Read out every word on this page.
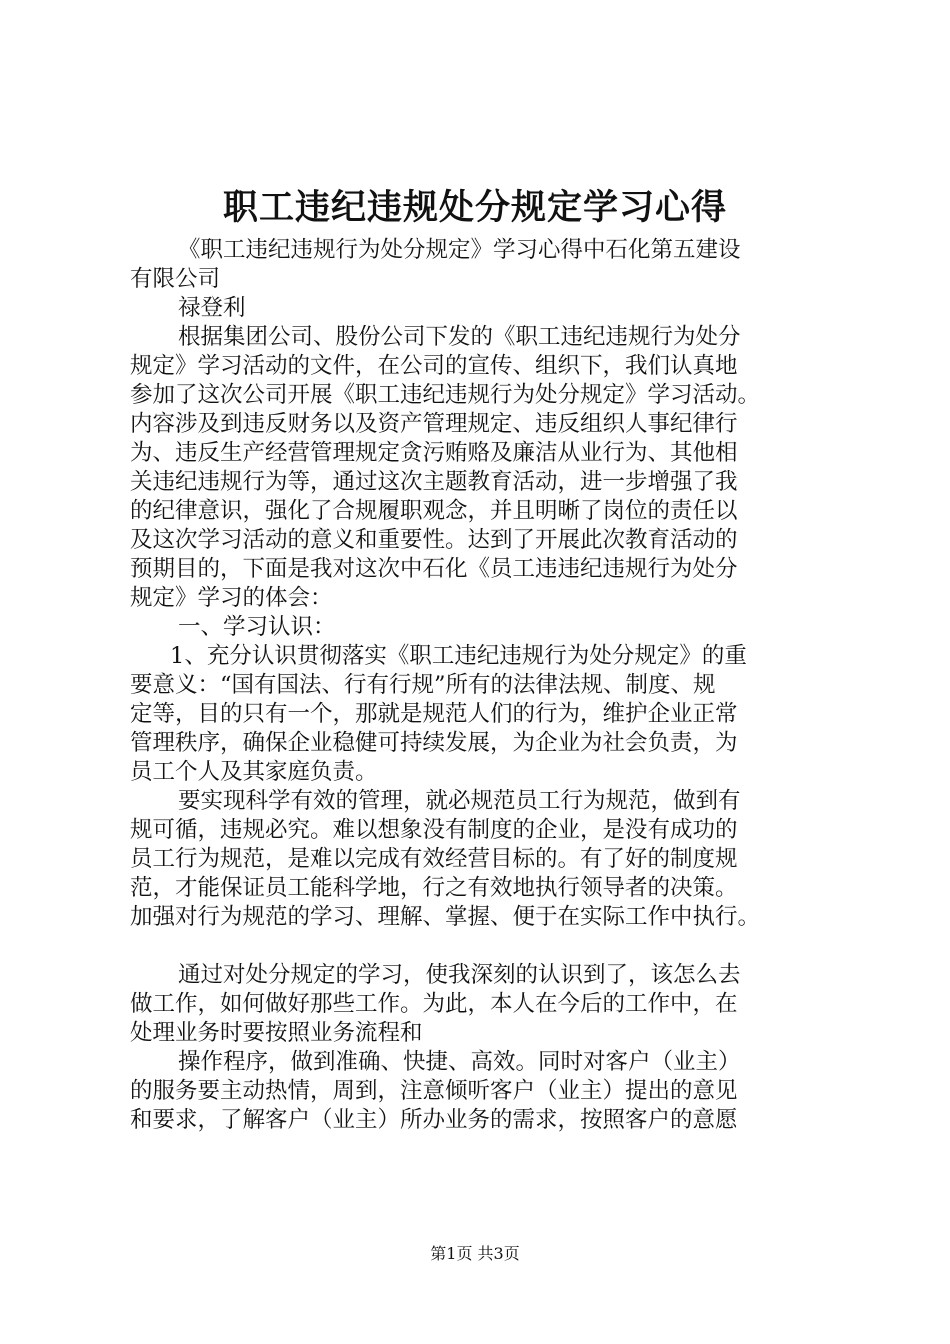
职工违纪违规处分规定学习心得
《职工违纪违规行为处分规定》学习心得中石化第五建设
有限公司
禄登利
根据集团公司、股份公司下发的《职工违纪违规行为处分
规定》学习活动的文件，在公司的宣传、组织下，我们认真地
参加了这次公司开展《职工违纪违规行为处分规定》学习活动。
内容涉及到违反财务以及资产管理规定、违反组织人事纪律行
为、违反生产经营管理规定贪污贿赂及廉洁从业行为、其他相
关违纪违规行为等，通过这次主题教育活动，进一步增强了我
的纪律意识，强化了合规履职观念，并且明晰了岗位的责任以
及这次学习活动的意义和重要性。达到了开展此次教育活动的
预期目的，下面是我对这次中石化《员工违违纪违规行为处分
规定》学习的体会：
一、学习认识：
1、充分认识贯彻落实《职工违纪违规行为处分规定》的重
要意义：“国有国法、行有行规”所有的法律法规、制度、规
定等，目的只有一个，那就是规范人们的行为，维护企业正常
管理秩序，确保企业稳健可持续发展，为企业为社会负责，为
员工个人及其家庭负责。
要实现科学有效的管理，就必规范员工行为规范，做到有
规可循，违规必究。难以想象没有制度的企业，是没有成功的
员工行为规范，是难以完成有效经营目标的。有了好的制度规
范，才能保证员工能科学地，行之有效地执行领导者的决策。
加强对行为规范的学习、理解、掌握、便于在实际工作中执行。
通过对处分规定的学习，使我深刻的认识到了，该怎么去
做工作，如何做好那些工作。为此，本人在今后的工作中，在
处理业务时要按照业务流程和
操作程序，做到准确、快捷、高效。同时对客户（业主）
的服务要主动热情，周到，注意倾听客户（业主）提出的意见
和要求，了解客户（业主）所办业务的需求，按照客户的意愿
第1页 共3页
